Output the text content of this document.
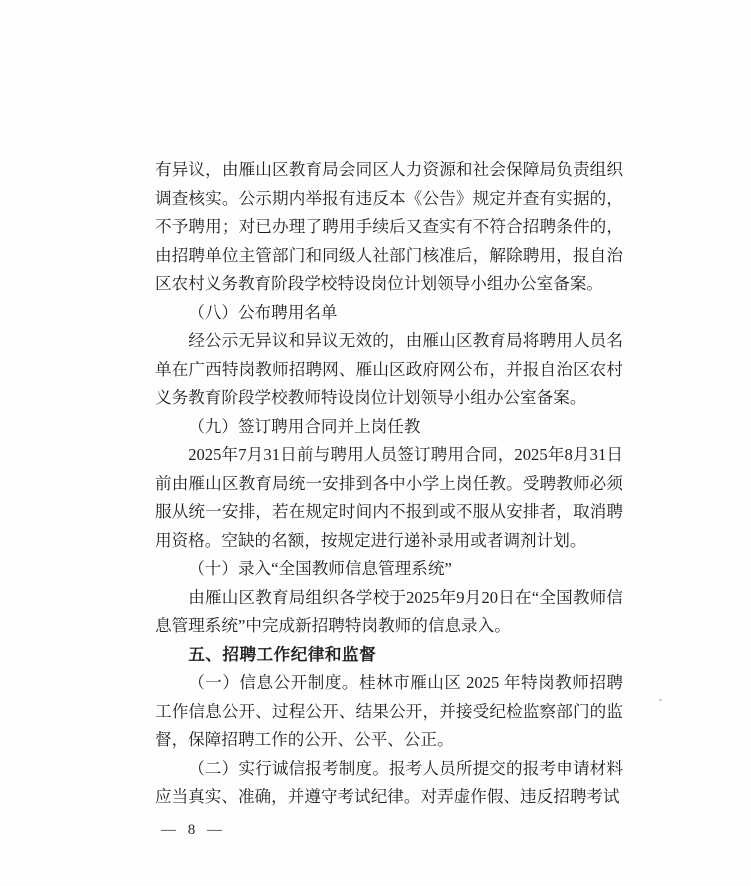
有异议，由雁山区教育局会同区人力资源和社会保障局负责组织调查核实。公示期内举报有违反本《公告》规定并查有实据的，不予聘用；对已办理了聘用手续后又查实有不符合招聘条件的，由招聘单位主管部门和同级人社部门核准后，解除聘用，报自治区农村义务教育阶段学校特设岗位计划领导小组办公室备案。
（八）公布聘用名单
经公示无异议和异议无效的，由雁山区教育局将聘用人员名单在广西特岗教师招聘网、雁山区政府网公布，并报自治区农村义务教育阶段学校教师特设岗位计划领导小组办公室备案。
（九）签订聘用合同并上岗任教
2025年7月31日前与聘用人员签订聘用合同，2025年8月31日前由雁山区教育局统一安排到各中小学上岗任教。受聘教师必须服从统一安排，若在规定时间内不报到或不服从安排者，取消聘用资格。空缺的名额，按规定进行递补录用或者调剂计划。
（十）录入“全国教师信息管理系统”
由雁山区教育局组织各学校于2025年9月20日在“全国教师信息管理系统”中完成新招聘特岗教师的信息录入。
五、招聘工作纪律和监督
（一）信息公开制度。桂林市雁山区 2025 年特岗教师招聘工作信息公开、过程公开、结果公开，并接受纪检监察部门的监督，保障招聘工作的公开、公平、公正。
（二）实行诚信报考制度。报考人员所提交的报考申请材料应当真实、准确，并遵守考试纪律。对弄虚作假、违反招聘考试
— 8 —
